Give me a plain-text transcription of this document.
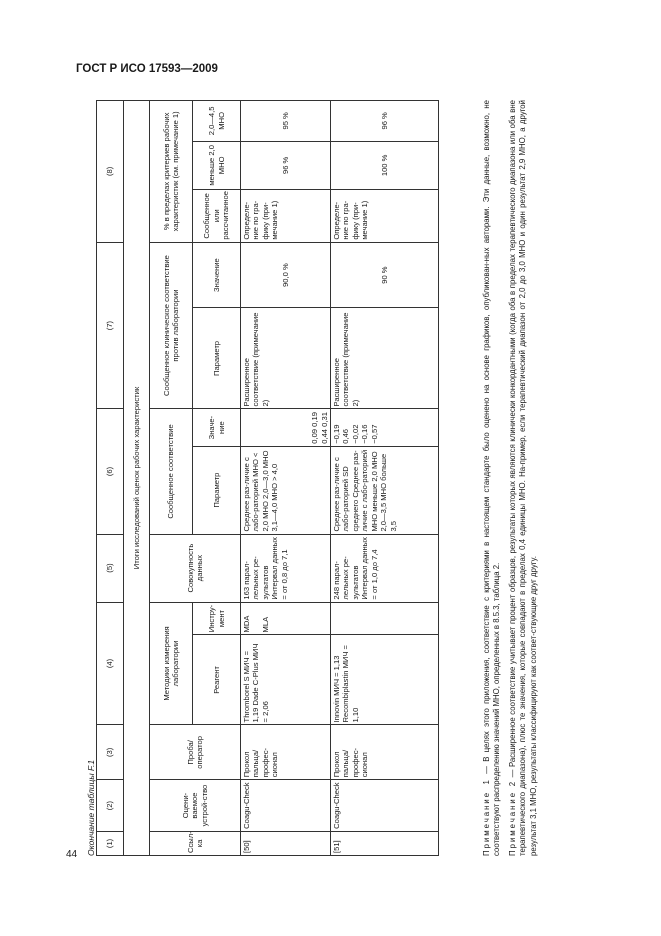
ГОСТ Р ИСО 17593—2009
44 Окончание таблицы F.1 (1)	(2)	(3)	(4)		(5)	(6)		(7)		(8)		
Итоги исследований оценок рабочих характеристик												
Ссыл-ка	Оцени-ваемое устрой-ство	Проба/ оператор	Методики измерения лаборатории		Совокупность данных	Сообщенное соответствие		Сообщенное клиническое соответствие против лаборатории		% в пределах критериев рабочих характеристик (см. примечание 1)		
			Реагент	Инстру-мент		Параметр	Значе-ние	Параметр	Значение	Сообщенное или рассчитанное	меньше 2,0 МНО	2,0—4,5 МНО
[50]	Coagu-Check	Прокол пальца/ профес-сионал	Thromborel S МИЧ = 1,19 Dade C-Plus МИЧ = 2,06	MDA MLA	163 парал-лельных ре-зультатов Интервал данных = от 0,8 до 7,1	Среднее раз-личие с лабо-раторией МНО < 2,0 МНО 2,0—3,0 МНО 3,1—4,0 МНО > 4,0	0,09 0,19 0,44 0,31	Расширенное соответствие (примечание 2)	90,0 %	Определе-ние по гра-фику (при-мечание 1)	96 %	95 %
[51]	Coagu-Check	Прокол пальца/ профес-сионал	Innovin МИЧ = 1,13 Recombiplastin МИЧ = 1,10		248 парал-лельных ре-зультатов Интервал данных = от 1,0 до 7,4	Среднее раз-личие с лабо-раторией SD среднего Среднее раз-личие с лабо-раторией МНО меньше 2,0 МНО 2,0—3,5 МНО больше 3,5	−0,19 0,46 −0,02 −0,16 −0,57	Расширенное соответствие (примечание 2)	90 %	Определе-ние по гра-фику (при-мечание 1)	100 %	96 %
Примечание 1 — В целях этого приложения, соответствие с критериями в настоящем стандарте было оценено на основе графиков, опубликован-ных авторами. Эти данные, возможно, не соответствуют распределению значений МНО, определенных в 8.5.3, таблица 2. Примечание 2 — Расширенное соответствие учитывает процент образцов, результаты которых являются клинически конкордантными (когда оба в пределах терапевтического диапазона или оба вне терапевтического диапазона), плюс те значения, которые совпадают в пределах 0,4 единицы МНО. На-пример, если терапевтический диапазон от 2,0 до 3,0 МНО и один результат 2,9 МНО, а другой результат 3,1 МНО, результаты классифицируют как соответ-ствующие друг другу.
